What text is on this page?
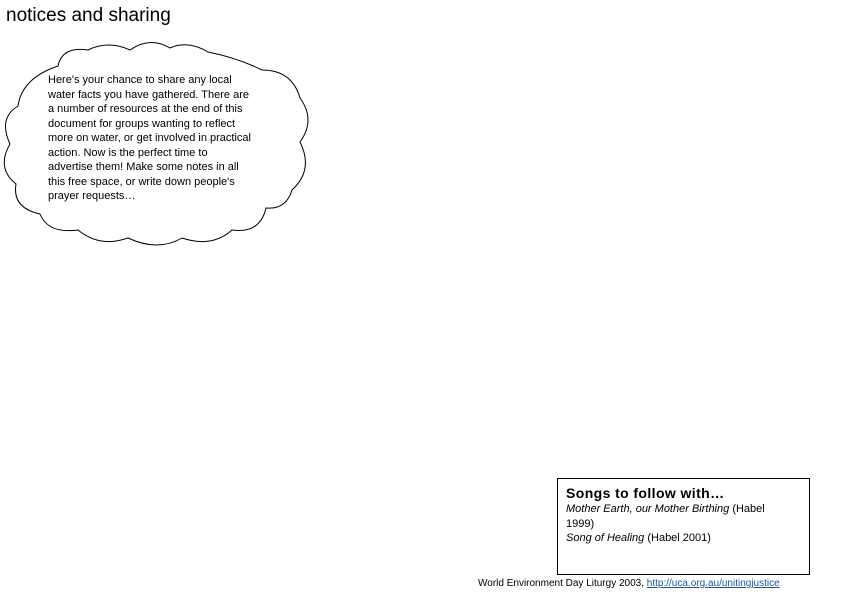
notices and sharing
Here's your chance to share any local
water facts you have gathered. There are
a number of resources at the end of this
document for groups wanting to reflect
more on water, or get involved in practical
action. Now is the perfect time to
advertise them! Make some notes in all
this free space, or write down people's
prayer requests…
Songs to follow with…
Mother Earth, our Mother Birthing (Habel
1999)
Song of Healing (Habel 2001)
World Environment Day Liturgy 2003, http://uca.org.au/unitingjustice
